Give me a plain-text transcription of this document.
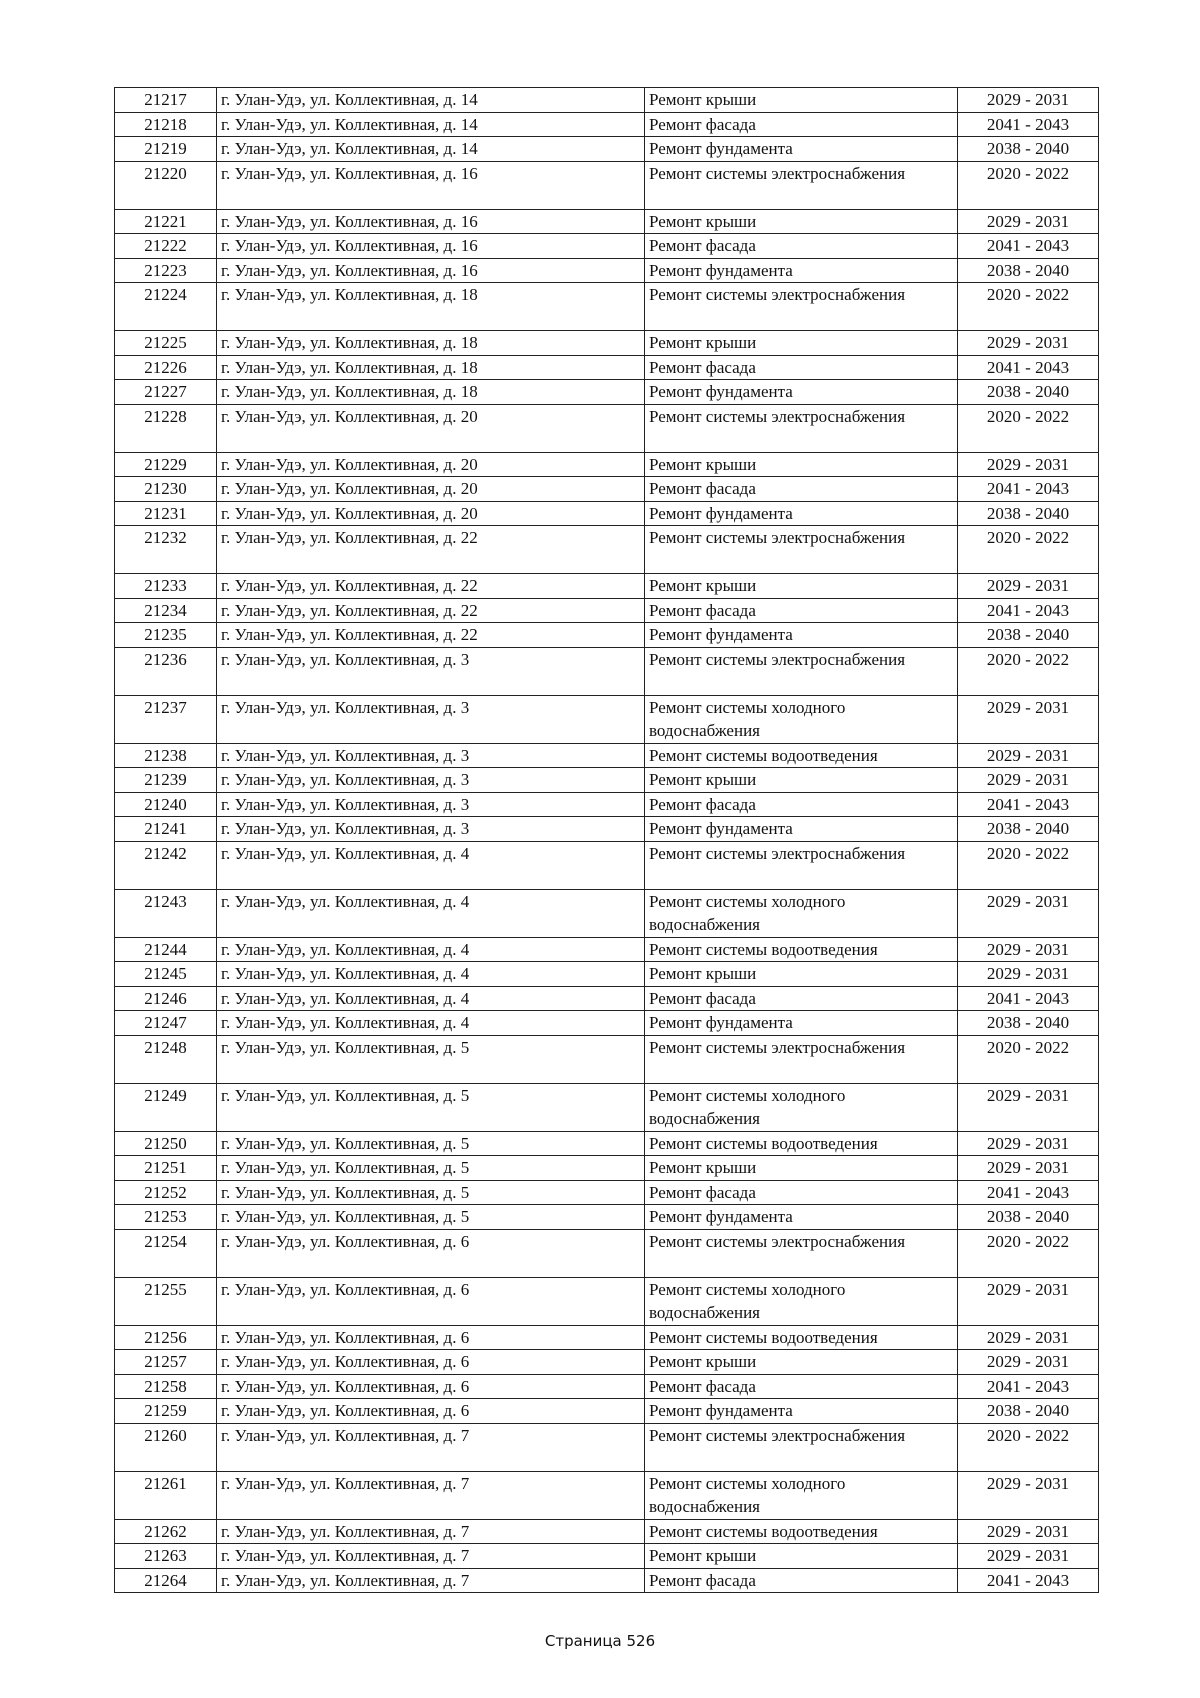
21217	г. Улан-Удэ, ул. Коллективная, д. 14	Ремонт крыши	2029 - 2031
21218	г. Улан-Удэ, ул. Коллективная, д. 14	Ремонт фасада	2041 - 2043
21219	г. Улан-Удэ, ул. Коллективная, д. 14	Ремонт фундамента	2038 - 2040
21220	г. Улан-Удэ, ул. Коллективная, д. 16	Ремонт системы электроснабжения	2020 - 2022
21221	г. Улан-Удэ, ул. Коллективная, д. 16	Ремонт крыши	2029 - 2031
21222	г. Улан-Удэ, ул. Коллективная, д. 16	Ремонт фасада	2041 - 2043
21223	г. Улан-Удэ, ул. Коллективная, д. 16	Ремонт фундамента	2038 - 2040
21224	г. Улан-Удэ, ул. Коллективная, д. 18	Ремонт системы электроснабжения	2020 - 2022
21225	г. Улан-Удэ, ул. Коллективная, д. 18	Ремонт крыши	2029 - 2031
21226	г. Улан-Удэ, ул. Коллективная, д. 18	Ремонт фасада	2041 - 2043
21227	г. Улан-Удэ, ул. Коллективная, д. 18	Ремонт фундамента	2038 - 2040
21228	г. Улан-Удэ, ул. Коллективная, д. 20	Ремонт системы электроснабжения	2020 - 2022
21229	г. Улан-Удэ, ул. Коллективная, д. 20	Ремонт крыши	2029 - 2031
21230	г. Улан-Удэ, ул. Коллективная, д. 20	Ремонт фасада	2041 - 2043
21231	г. Улан-Удэ, ул. Коллективная, д. 20	Ремонт фундамента	2038 - 2040
21232	г. Улан-Удэ, ул. Коллективная, д. 22	Ремонт системы электроснабжения	2020 - 2022
21233	г. Улан-Удэ, ул. Коллективная, д. 22	Ремонт крыши	2029 - 2031
21234	г. Улан-Удэ, ул. Коллективная, д. 22	Ремонт фасада	2041 - 2043
21235	г. Улан-Удэ, ул. Коллективная, д. 22	Ремонт фундамента	2038 - 2040
21236	г. Улан-Удэ, ул. Коллективная, д. 3	Ремонт системы электроснабжения	2020 - 2022
21237	г. Улан-Удэ, ул. Коллективная, д. 3	Ремонт системы холодного водоснабжения	2029 - 2031
21238	г. Улан-Удэ, ул. Коллективная, д. 3	Ремонт системы водоотведения	2029 - 2031
21239	г. Улан-Удэ, ул. Коллективная, д. 3	Ремонт крыши	2029 - 2031
21240	г. Улан-Удэ, ул. Коллективная, д. 3	Ремонт фасада	2041 - 2043
21241	г. Улан-Удэ, ул. Коллективная, д. 3	Ремонт фундамента	2038 - 2040
21242	г. Улан-Удэ, ул. Коллективная, д. 4	Ремонт системы электроснабжения	2020 - 2022
21243	г. Улан-Удэ, ул. Коллективная, д. 4	Ремонт системы холодного водоснабжения	2029 - 2031
21244	г. Улан-Удэ, ул. Коллективная, д. 4	Ремонт системы водоотведения	2029 - 2031
21245	г. Улан-Удэ, ул. Коллективная, д. 4	Ремонт крыши	2029 - 2031
21246	г. Улан-Удэ, ул. Коллективная, д. 4	Ремонт фасада	2041 - 2043
21247	г. Улан-Удэ, ул. Коллективная, д. 4	Ремонт фундамента	2038 - 2040
21248	г. Улан-Удэ, ул. Коллективная, д. 5	Ремонт системы электроснабжения	2020 - 2022
21249	г. Улан-Удэ, ул. Коллективная, д. 5	Ремонт системы холодного водоснабжения	2029 - 2031
21250	г. Улан-Удэ, ул. Коллективная, д. 5	Ремонт системы водоотведения	2029 - 2031
21251	г. Улан-Удэ, ул. Коллективная, д. 5	Ремонт крыши	2029 - 2031
21252	г. Улан-Удэ, ул. Коллективная, д. 5	Ремонт фасада	2041 - 2043
21253	г. Улан-Удэ, ул. Коллективная, д. 5	Ремонт фундамента	2038 - 2040
21254	г. Улан-Удэ, ул. Коллективная, д. 6	Ремонт системы электроснабжения	2020 - 2022
21255	г. Улан-Удэ, ул. Коллективная, д. 6	Ремонт системы холодного водоснабжения	2029 - 2031
21256	г. Улан-Удэ, ул. Коллективная, д. 6	Ремонт системы водоотведения	2029 - 2031
21257	г. Улан-Удэ, ул. Коллективная, д. 6	Ремонт крыши	2029 - 2031
21258	г. Улан-Удэ, ул. Коллективная, д. 6	Ремонт фасада	2041 - 2043
21259	г. Улан-Удэ, ул. Коллективная, д. 6	Ремонт фундамента	2038 - 2040
21260	г. Улан-Удэ, ул. Коллективная, д. 7	Ремонт системы электроснабжения	2020 - 2022
21261	г. Улан-Удэ, ул. Коллективная, д. 7	Ремонт системы холодного водоснабжения	2029 - 2031
21262	г. Улан-Удэ, ул. Коллективная, д. 7	Ремонт системы водоотведения	2029 - 2031
21263	г. Улан-Удэ, ул. Коллективная, д. 7	Ремонт крыши	2029 - 2031
21264	г. Улан-Удэ, ул. Коллективная, д. 7	Ремонт фасада	2041 - 2043
Страница 526
